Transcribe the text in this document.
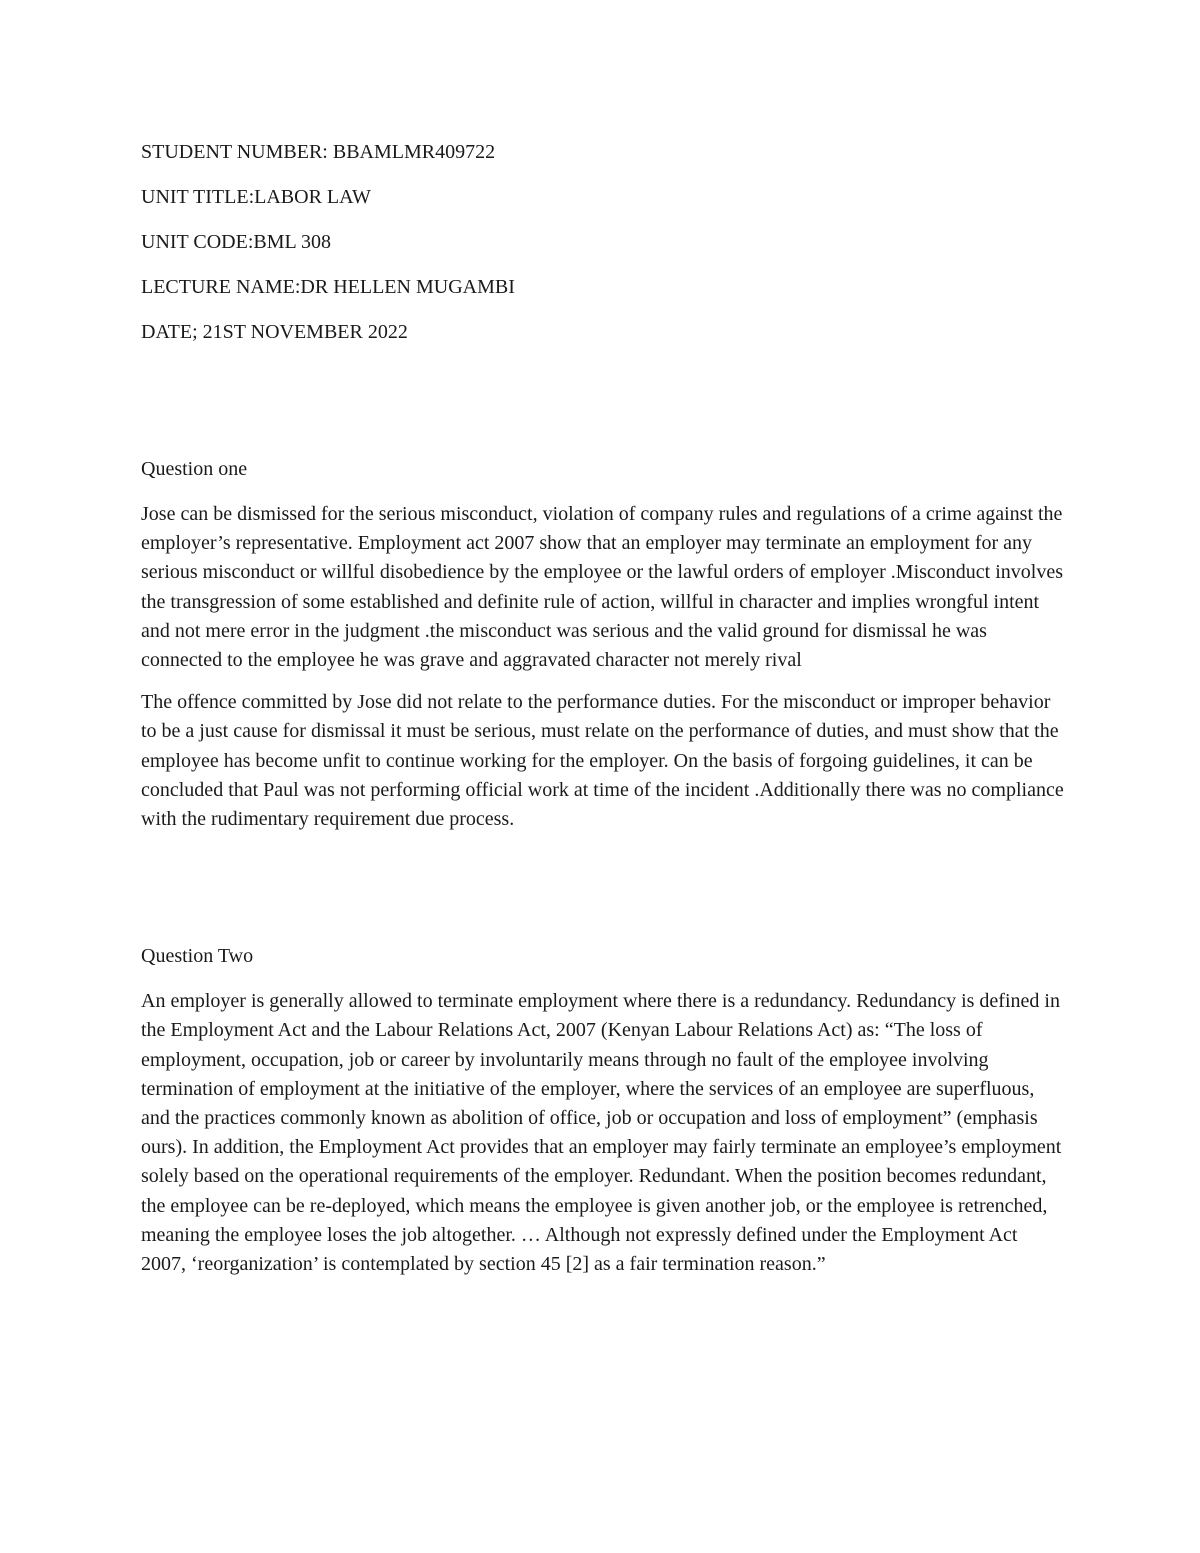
STUDENT NUMBER: BBAMLMR409722

UNIT TITLE:LABOR LAW

UNIT CODE:BML 308

LECTURE NAME:DR HELLEN MUGAMBI

DATE; 21ST NOVEMBER 2022

Question one

Jose can be dismissed for the serious misconduct, violation of company rules and regulations of a crime against the employer’s representative. Employment act 2007 show that an employer may terminate an employment for any serious misconduct or willful disobedience by the employee or the lawful orders of employer .Misconduct involves the transgression of some established and definite rule of action, willful in character and implies wrongful intent and not mere error in the judgment .the misconduct was serious and the valid ground for dismissal he was connected to the employee he was grave and aggravated character not merely rival

The offence committed by Jose did not relate to the performance duties. For the misconduct or improper behavior to be a just cause for dismissal it must be serious, must relate on the performance of duties, and must show that the employee has become unfit to continue working for the employer. On the basis of forgoing guidelines, it can be concluded that Paul was not performing official work at time of the incident .Additionally there was no compliance with the rudimentary requirement due process.

Question Two

An employer is generally allowed to terminate employment where there is a redundancy. Redundancy is defined in the Employment Act and the Labour Relations Act, 2007 (Kenyan Labour Relations Act) as: “The loss of employment, occupation, job or career by involuntarily means through no fault of the employee involving termination of employment at the initiative of the employer, where the services of an employee are superfluous, and the practices commonly known as abolition of office, job or occupation and loss of employment” (emphasis ours). In addition, the Employment Act provides that an employer may fairly terminate an employee’s employment solely based on the operational requirements of the employer. Redundant. When the position becomes redundant, the employee can be re-deployed, which means the employee is given another job, or the employee is retrenched, meaning the employee loses the job altogether. … Although not expressly defined under the Employment Act 2007, ‘reorganization’ is contemplated by section 45 [2] as a fair termination reason.”
